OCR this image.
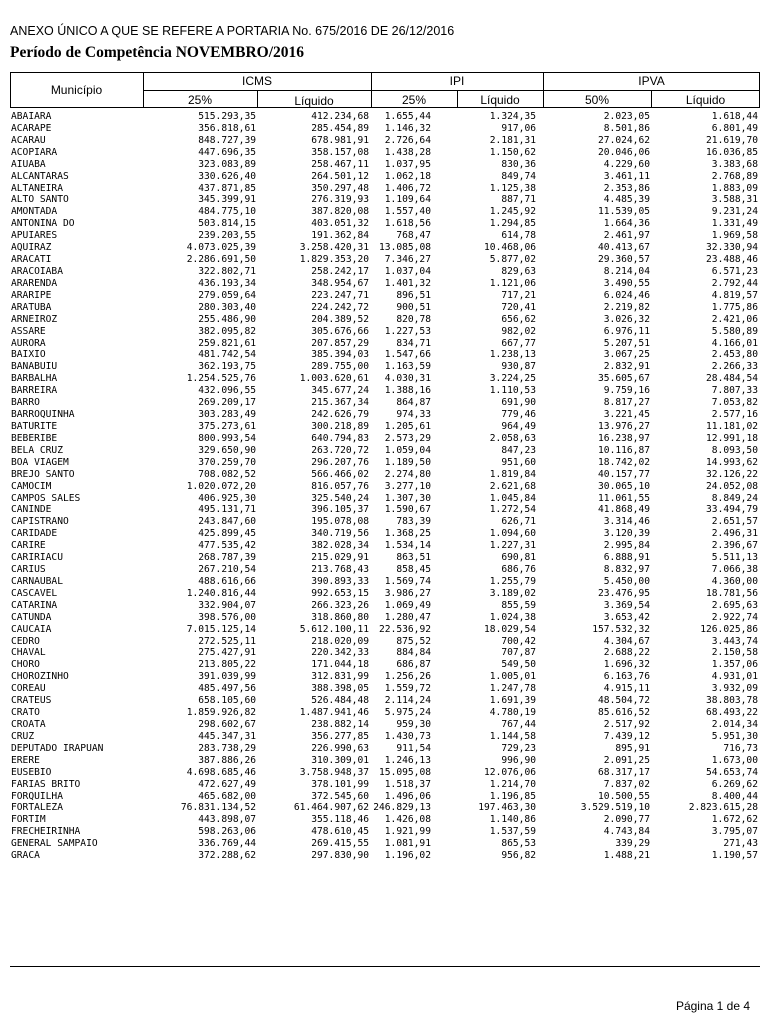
ANEXO ÚNICO A QUE SE REFERE A PORTARIA No. 675/2016 DE 26/12/2016
Período de Competência NOVEMBRO/2016
Município
ICMS	IPI	IPVA
25%	Líquido	25%	Líquido	50%	Líquido
ABAIARA	515.293,35	412.234,68	1.655,44	1.324,35	2.023,05	1.618,44
ACARAPE	356.818,61	285.454,89	1.146,32	917,06	8.501,86	6.801,49
ACARAU	848.727,39	678.981,91	2.726,64	2.181,31	27.024,62	21.619,70
ACOPIARA	447.696,35	358.157,08	1.438,28	1.150,62	20.046,06	16.036,85
AIUABA	323.083,89	258.467,11	1.037,95	830,36	4.229,60	3.383,68
ALCANTARAS	330.626,40	264.501,12	1.062,18	849,74	3.461,11	2.768,89
ALTANEIRA	437.871,85	350.297,48	1.406,72	1.125,38	2.353,86	1.883,09
ALTO SANTO	345.399,91	276.319,93	1.109,64	887,71	4.485,39	3.588,31
AMONTADA	484.775,10	387.820,08	1.557,40	1.245,92	11.539,05	9.231,24
ANTONINA DO	503.814,15	403.051,32	1.618,56	1.294,85	1.664,36	1.331,49
APUIARES	239.203,55	191.362,84	768,47	614,78	2.461,97	1.969,58
AQUIRAZ	4.073.025,39	3.258.420,31	13.085,08	10.468,06	40.413,67	32.330,94
ARACATI	2.286.691,50	1.829.353,20	7.346,27	5.877,02	29.360,57	23.488,46
ARACOIABA	322.802,71	258.242,17	1.037,04	829,63	8.214,04	6.571,23
ARARENDA	436.193,34	348.954,67	1.401,32	1.121,06	3.490,55	2.792,44
ARARIPE	279.059,64	223.247,71	896,51	717,21	6.024,46	4.819,57
ARATUBA	280.303,40	224.242,72	900,51	720,41	2.219,82	1.775,86
ARNEIROZ	255.486,90	204.389,52	820,78	656,62	3.026,32	2.421,06
ASSARE	382.095,82	305.676,66	1.227,53	982,02	6.976,11	5.580,89
AURORA	259.821,61	207.857,29	834,71	667,77	5.207,51	4.166,01
BAIXIO	481.742,54	385.394,03	1.547,66	1.238,13	3.067,25	2.453,80
BANABUIU	362.193,75	289.755,00	1.163,59	930,87	2.832,91	2.266,33
BARBALHA	1.254.525,76	1.003.620,61	4.030,31	3.224,25	35.605,67	28.484,54
BARREIRA	432.096,55	345.677,24	1.388,16	1.110,53	9.759,16	7.807,33
BARRO	269.209,17	215.367,34	864,87	691,90	8.817,27	7.053,82
BARROQUINHA	303.283,49	242.626,79	974,33	779,46	3.221,45	2.577,16
BATURITE	375.273,61	300.218,89	1.205,61	964,49	13.976,27	11.181,02
BEBERIBE	800.993,54	640.794,83	2.573,29	2.058,63	16.238,97	12.991,18
BELA CRUZ	329.650,90	263.720,72	1.059,04	847,23	10.116,87	8.093,50
BOA VIAGEM	370.259,70	296.207,76	1.189,50	951,60	18.742,02	14.993,62
BREJO SANTO	708.082,52	566.466,02	2.274,80	1.819,84	40.157,77	32.126,22
CAMOCIM	1.020.072,20	816.057,76	3.277,10	2.621,68	30.065,10	24.052,08
CAMPOS SALES	406.925,30	325.540,24	1.307,30	1.045,84	11.061,55	8.849,24
CANINDE	495.131,71	396.105,37	1.590,67	1.272,54	41.868,49	33.494,79
CAPISTRANO	243.847,60	195.078,08	783,39	626,71	3.314,46	2.651,57
CARIDADE	425.899,45	340.719,56	1.368,25	1.094,60	3.120,39	2.496,31
CARIRE	477.535,42	382.028,34	1.534,14	1.227,31	2.995,84	2.396,67
CARIRIACU	268.787,39	215.029,91	863,51	690,81	6.888,91	5.511,13
CARIUS	267.210,54	213.768,43	858,45	686,76	8.832,97	7.066,38
CARNAUBAL	488.616,66	390.893,33	1.569,74	1.255,79	5.450,00	4.360,00
CASCAVEL	1.240.816,44	992.653,15	3.986,27	3.189,02	23.476,95	18.781,56
CATARINA	332.904,07	266.323,26	1.069,49	855,59	3.369,54	2.695,63
CATUNDA	398.576,00	318.860,80	1.280,47	1.024,38	3.653,42	2.922,74
CAUCAIA	7.015.125,14	5.612.100,11	22.536,92	18.029,54	157.532,32	126.025,86
CEDRO	272.525,11	218.020,09	875,52	700,42	4.304,67	3.443,74
CHAVAL	275.427,91	220.342,33	884,84	707,87	2.688,22	2.150,58
CHORO	213.805,22	171.044,18	686,87	549,50	1.696,32	1.357,06
CHOROZINHO	391.039,99	312.831,99	1.256,26	1.005,01	6.163,76	4.931,01
COREAU	485.497,56	388.398,05	1.559,72	1.247,78	4.915,11	3.932,09
CRATEUS	658.105,60	526.484,48	2.114,24	1.691,39	48.504,72	38.803,78
CRATO	1.859.926,82	1.487.941,46	5.975,24	4.780,19	85.616,52	68.493,22
CROATA	298.602,67	238.882,14	959,30	767,44	2.517,92	2.014,34
CRUZ	445.347,31	356.277,85	1.430,73	1.144,58	7.439,12	5.951,30
DEPUTADO IRAPUAN	283.738,29	226.990,63	911,54	729,23	895,91	716,73
ERERE	387.886,26	310.309,01	1.246,13	996,90	2.091,25	1.673,00
EUSEBIO	4.698.685,46	3.758.948,37	15.095,08	12.076,06	68.317,17	54.653,74
FARIAS BRITO	472.627,49	378.101,99	1.518,37	1.214,70	7.837,02	6.269,62
FORQUILHA	465.682,00	372.545,60	1.496,06	1.196,85	10.500,55	8.400,44
FORTALEZA	76.831.134,52	61.464.907,62 246.829,13	197.463,30	3.529.519,10	2.823.615,28
FORTIM	443.898,07	355.118,46	1.426,08	1.140,86	2.090,77	1.672,62
FRECHEIRINHA	598.263,06	478.610,45	1.921,99	1.537,59	4.743,84	3.795,07
GENERAL SAMPAIO	336.769,44	269.415,55	1.081,91	865,53	339,29	271,43
GRACA	372.288,62	297.830,90	1.196,02	956,82	1.488,21	1.190,57
Página 1 de 4
